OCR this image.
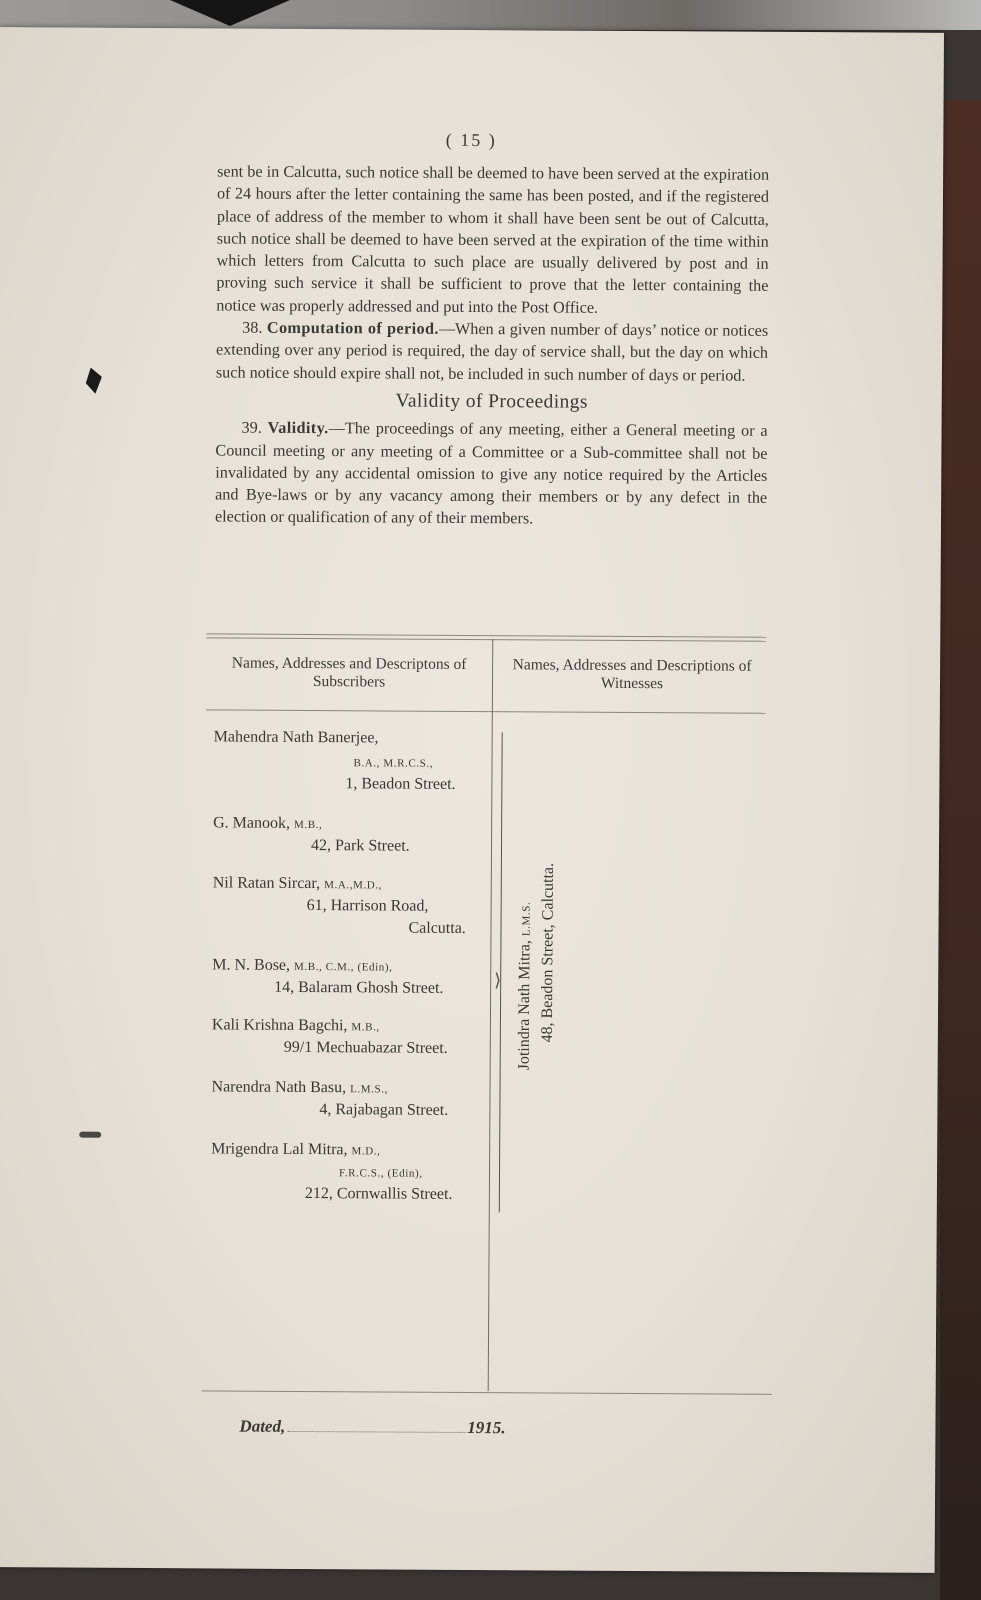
( 15 )

sent be in Calcutta, such notice shall be deemed to have been served at the expiration of 24 hours after the letter containing the same has been posted, and if the registered place of address of the member to whom it shall have been sent be out of Calcutta, such notice shall be deemed to have been served at the expiration of the time within which letters from Calcutta to such place are usually delivered by post and in proving such service it shall be sufficient to prove that the letter containing the notice was properly addressed and put into the Post Office.

38. Computation of period.—When a given number of days’ notice or notices extending over any period is required, the day of service shall, but the day on which such notice should expire shall not, be included in such number of days or period.

Validity of Proceedings

39. Validity.—The proceedings of any meeting, either a General meeting or a Council meeting or any meeting of a Committee or a Sub-committee shall not be invalidated by any accidental omission to give any notice required by the Articles and Bye-laws or by any vacancy among their members or by any defect in the election or qualification of any of their members.

Names, Addresses and Descriptons of Subscribers
Names, Addresses and Descriptions of Witnesses
Mahendra Nath Banerjee,
B.A., M.R.C.S.,
1, Beadon Street.
G. Manook, M.B.,
42, Park Street.
Nil Ratan Sircar, M.A.,M.D.,
61, Harrison Road,
Calcutta.
M. N. Bose, M.B., C.M., (Edin),
14, Balaram Ghosh Street.
Kali Krishna Bagchi, M.B.,
99/1 Mechuabazar Street.
Narendra Nath Basu, L.M.S.,
4, Rajabagan Street.
Mrigendra Lal Mitra, M.D.,
F.R.C.S., (Edin),
212, Cornwallis Street.
⟩ Jotindra Nath Mitra, L.M.S. 48, Beadon Street, Calcutta.
Dated,	1915.
